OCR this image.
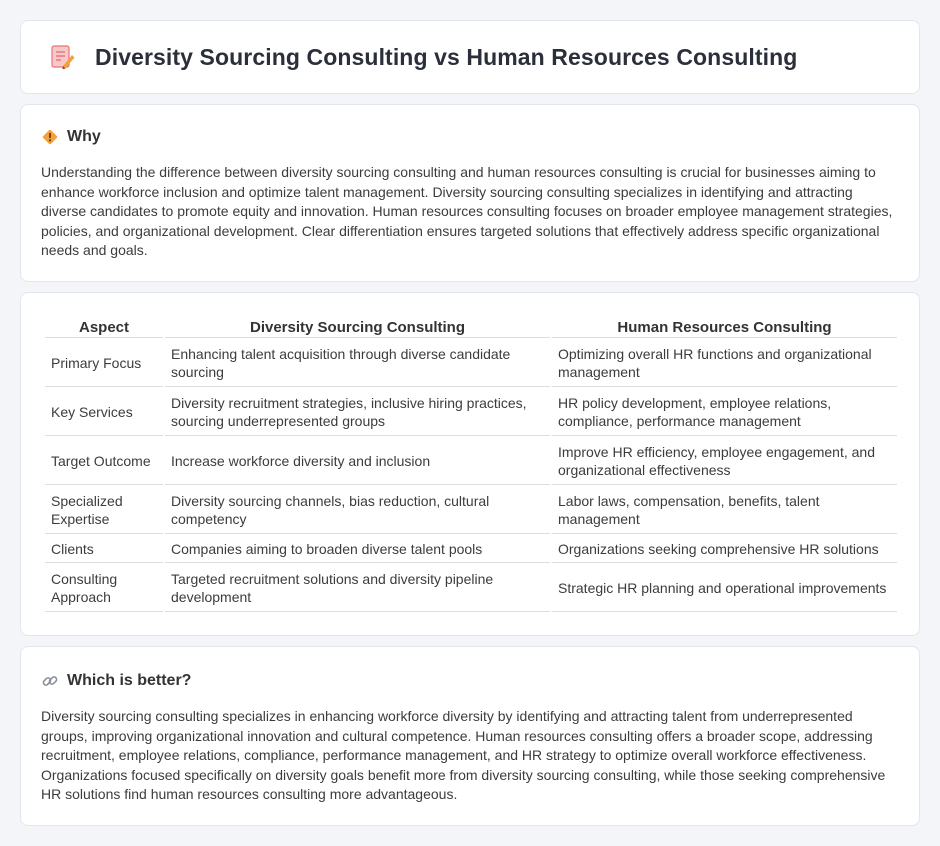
Diversity Sourcing Consulting vs Human Resources Consulting
Why

Understanding the difference between diversity sourcing consulting and human resources consulting is crucial for businesses aiming to enhance workforce inclusion and optimize talent management. Diversity sourcing consulting specializes in identifying and attracting diverse candidates to promote equity and innovation. Human resources consulting focuses on broader employee management strategies, policies, and organizational development. Clear differentiation ensures targeted solutions that effectively address specific organizational needs and goals.

Aspect	Diversity Sourcing Consulting	Human Resources Consulting
Primary Focus	Enhancing talent acquisition through diverse candidate sourcing	Optimizing overall HR functions and organizational management
Key Services	Diversity recruitment strategies, inclusive hiring practices, sourcing underrepresented groups	HR policy development, employee relations, compliance, performance management
Target Outcome	Increase workforce diversity and inclusion	Improve HR efficiency, employee engagement, and organizational effectiveness
Specialized Expertise	Diversity sourcing channels, bias reduction, cultural competency	Labor laws, compensation, benefits, talent management
Clients	Companies aiming to broaden diverse talent pools	Organizations seeking comprehensive HR solutions
Consulting Approach	Targeted recruitment solutions and diversity pipeline development	Strategic HR planning and operational improvements
Which is better?

Diversity sourcing consulting specializes in enhancing workforce diversity by identifying and attracting talent from underrepresented groups, improving organizational innovation and cultural competence. Human resources consulting offers a broader scope, addressing recruitment, employee relations, compliance, performance management, and HR strategy to optimize overall workforce effectiveness. Organizations focused specifically on diversity goals benefit more from diversity sourcing consulting, while those seeking comprehensive HR solutions find human resources consulting more advantageous.
